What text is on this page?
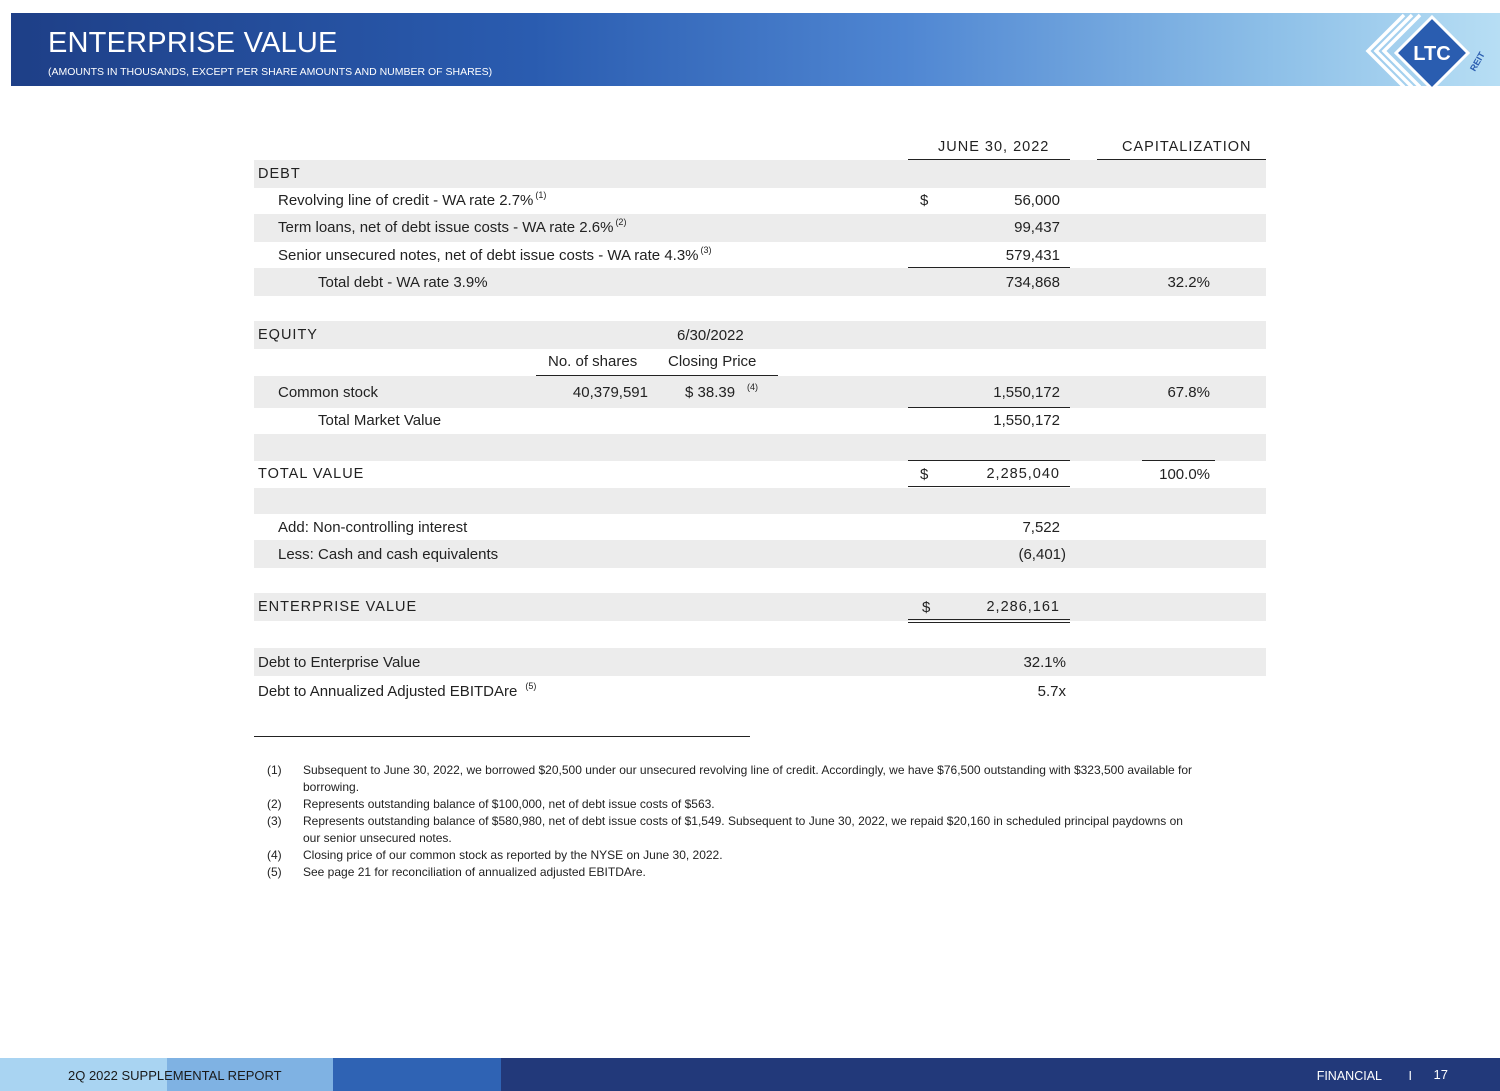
ENTERPRISE VALUE
(AMOUNTS IN THOUSANDS, EXCEPT PER SHARE AMOUNTS AND NUMBER OF SHARES)
LTC REIT
JUNE 30, 2022	CAPITALIZATION
DEBT
Revolving line of credit - WA rate 2.7% $^{(1)}$	$	56,000
Term loans, net of debt issue costs - WA rate 2.6% $^{(2)}$	99,437
Senior unsecured notes, net of debt issue costs - WA rate 4.3% $^{(3)}$	579,431
Total debt - WA rate 3.9%	734,868	32.2%
EQUITY	6/30/2022
No. of shares Closing Price
Common stock	40,379,591 $ 38.39 $^{(4)}$	1,550,172	67.8%
Total Market Value	1,550,172
TOTAL VALUE	$	2,285,040	100.0%
Add: Non-controlling interest	7,522
Less: Cash and cash equivalents	(6,401)
ENTERPRISE VALUE	$	2,286,161
Debt to Enterprise Value	32.1%
Debt to Annualized Adjusted EBITDAre $^{(5)}$	5.7x
(1) Subsequent to June 30, 2022, we borrowed $20,500 under our unsecured revolving line of credit. Accordingly, we have $76,500 outstanding with $323,500 available for borrowing.
(2) Represents outstanding balance of $100,000, net of debt issue costs of $563.
(3) Represents outstanding balance of $580,980, net of debt issue costs of $1,549. Subsequent to June 30, 2022, we repaid $20,160 in scheduled principal paydowns on our senior unsecured notes.
(4) Closing price of our common stock as reported by the NYSE on June 30, 2022.
(5) See page 21 for reconciliation of annualized adjusted EBITDAre.
2Q 2022 SUPPLEMENTAL REPORT	FINANCIAL I 17
